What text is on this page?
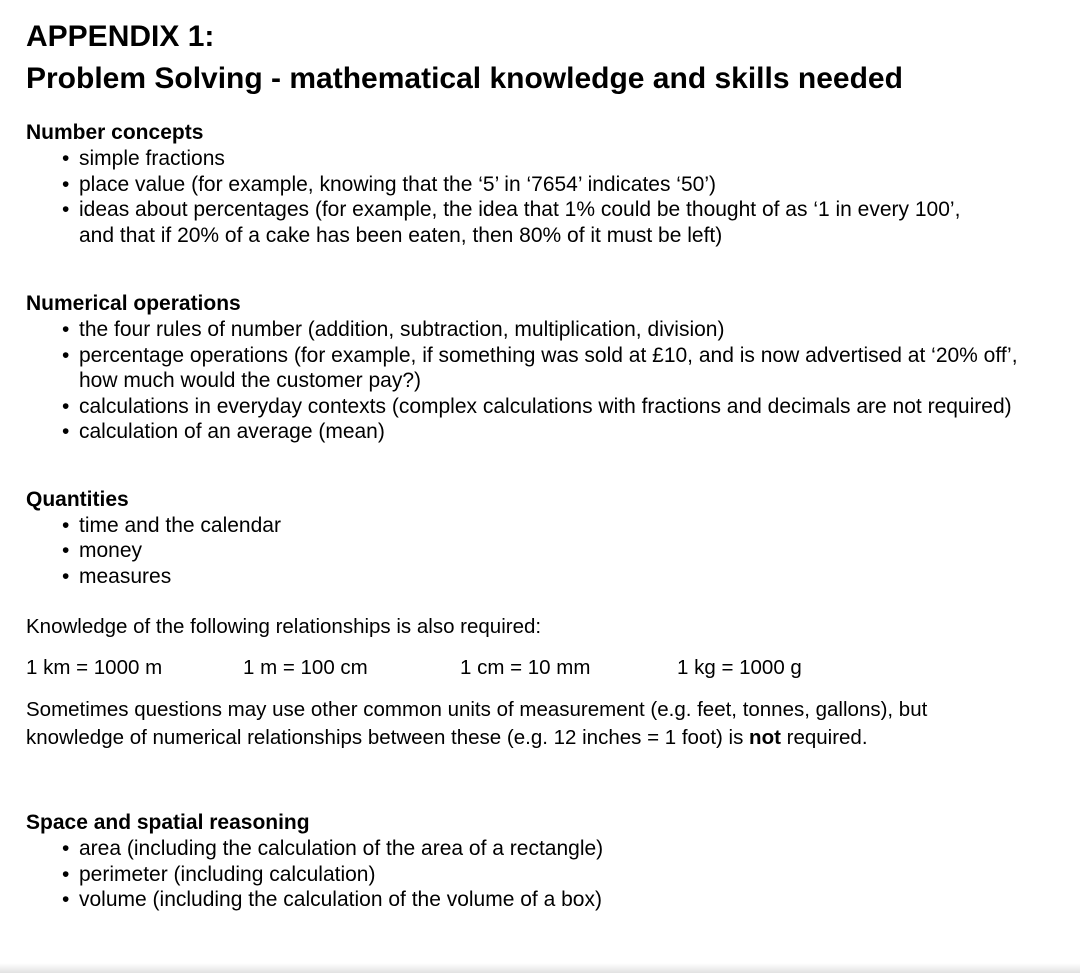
APPENDIX 1:
Problem Solving - mathematical knowledge and skills needed
Number concepts
• simple fractions
• place value (for example, knowing that the ‘5’ in ‘7654’ indicates ‘50’)
• ideas about percentages (for example, the idea that 1% could be thought of as ‘1 in every 100’, and that if 20% of a cake has been eaten, then 80% of it must be left)
Numerical operations
• the four rules of number (addition, subtraction, multiplication, division)
• percentage operations (for example, if something was sold at £10, and is now advertised at ‘20% off’, how much would the customer pay?)
• calculations in everyday contexts (complex calculations with fractions and decimals are not required)
• calculation of an average (mean)
Quantities
• time and the calendar
• money
• measures
Knowledge of the following relationships is also required:
1 km = 1000 m	1 m = 100 cm	1 cm = 10 mm	1 kg = 1000 g
Sometimes questions may use other common units of measurement (e.g. feet, tonnes, gallons), but knowledge of numerical relationships between these (e.g. 12 inches = 1 foot) is not required.
Space and spatial reasoning
• area (including the calculation of the area of a rectangle)
• perimeter (including calculation)
• volume (including the calculation of the volume of a box)
